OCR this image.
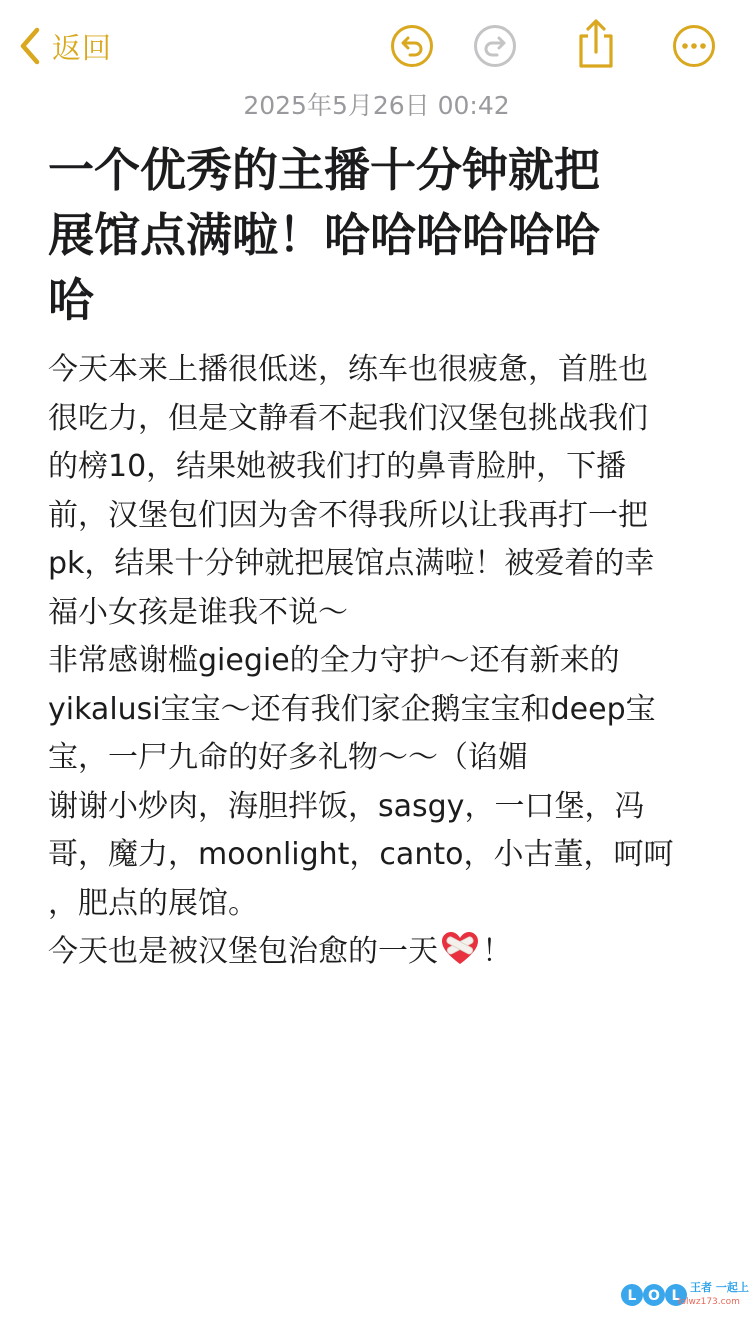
返回
2025年5月26日 00:42
一个优秀的主播十分钟就把
展馆点满啦！哈哈哈哈哈哈
哈

今天本来上播很低迷，练车也很疲惫，首胜也

很吃力，但是文静看不起我们汉堡包挑战我们

的榜10，结果她被我们打的鼻青脸肿，下播

前，汉堡包们因为舍不得我所以让我再打一把

pk，结果十分钟就把展馆点满啦！被爱着的幸

福小女孩是谁我不说～

非常感谢槛giegie的全力守护～还有新来的

yikalusi宝宝～还有我们家企鹅宝宝和deep宝

宝，一尸九命的好多礼物～～（谄媚

谢谢小炒肉，海胆拌饭，sasgy，一口堡，冯

哥，魔力，moonlight，canto，小古董，呵呵

，肥点的展馆。

今天也是被汉堡包治愈的一天 ！

L O L
王者 一起上
lolwz173.com
